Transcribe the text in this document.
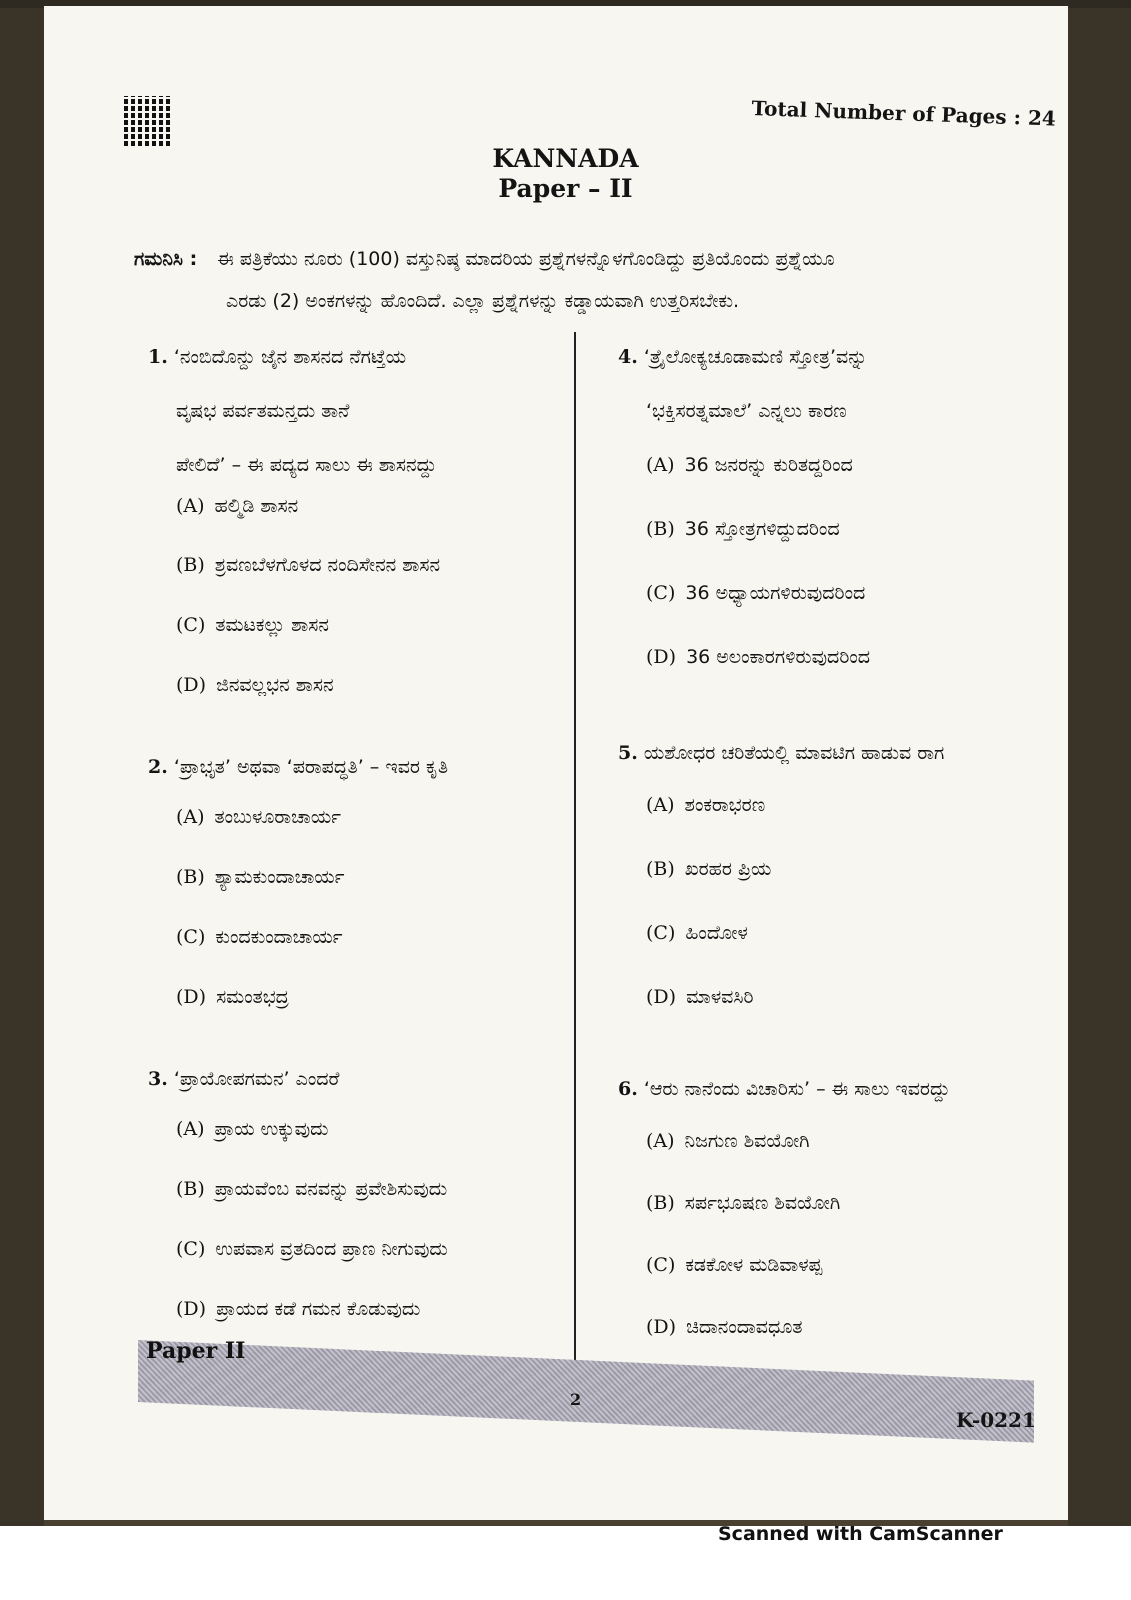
Total Number of Pages : 24
KANNADA
Paper – II
ಗಮನಿಸಿ : ಈ ಪತ್ರಿಕೆಯು ನೂರು (100) ವಸ್ತುನಿಷ್ಠ ಮಾದರಿಯ ಪ್ರಶ್ನೆಗಳನ್ನೊಳಗೊಂಡಿದ್ದು ಪ್ರತಿಯೊಂದು ಪ್ರಶ್ನೆಯೂ
ಎರಡು (2) ಅಂಕಗಳನ್ನು ಹೊಂದಿದೆ. ಎಲ್ಲಾ ಪ್ರಶ್ನೆಗಳನ್ನು ಕಡ್ಡಾಯವಾಗಿ ಉತ್ತರಿಸಬೇಕು.
1. ‘ನಂಬಿದೊನ್ದು ಜೈನ ಶಾಸನದ ನೆಗಟ್ತೆಯ
ವೃಷಭ ಪರ್ವತಮನ್ತದು ತಾನೆ
ಪೇಲಿದೆ’ – ಈ ಪದ್ಯದ ಸಾಲು ಈ ಶಾಸನದ್ದು
(A) ಹಲ್ಮಿಡಿ ಶಾಸನ
(B) ಶ್ರವಣಬೆಳಗೊಳದ ನಂದಿಸೇನನ ಶಾಸನ
(C) ತಮಟಕಲ್ಲು ಶಾಸನ
(D) ಜಿನವಲ್ಲಭನ ಶಾಸನ
2. ‘ಪ್ರಾಭೃತ’ ಅಥವಾ ‘ಪರಾಪದ್ಧತಿ’ – ಇವರ ಕೃತಿ
(A) ತಂಬುಳೂರಾಚಾರ್ಯ
(B) ಶ್ಯಾಮಕುಂದಾಚಾರ್ಯ
(C) ಕುಂದಕುಂದಾಚಾರ್ಯ
(D) ಸಮಂತಭದ್ರ
3. ‘ಪ್ರಾಯೋಪಗಮನ’ ಎಂದರೆ
(A) ಪ್ರಾಯ ಉಕ್ಕುವುದು
(B) ಪ್ರಾಯವೆಂಬ ವನವನ್ನು ಪ್ರವೇಶಿಸುವುದು
(C) ಉಪವಾಸ ವ್ರತದಿಂದ ಪ್ರಾಣ ನೀಗುವುದು
(D) ಪ್ರಾಯದ ಕಡೆ ಗಮನ ಕೊಡುವುದು
4. ‘ತ್ರೈಲೋಕ್ಯಚೂಡಾಮಣಿ ಸ್ತೋತ್ರ’ವನ್ನು
‘ಭಕ್ತಿಸರತ್ನಮಾಲೆ’ ಎನ್ನಲು ಕಾರಣ
(A) 36 ಜನರನ್ನು ಕುರಿತದ್ದರಿಂದ
(B) 36 ಸ್ತೋತ್ರಗಳಿದ್ದುದರಿಂದ
(C) 36 ಅಧ್ಯಾಯಗಳಿರುವುದರಿಂದ
(D) 36 ಅಲಂಕಾರಗಳಿರುವುದರಿಂದ
5. ಯಶೋಧರ ಚರಿತೆಯಲ್ಲಿ ಮಾವಟಿಗ ಹಾಡುವ ರಾಗ
(A) ಶಂಕರಾಭರಣ
(B) ಖರಹರ ಪ್ರಿಯ
(C) ಹಿಂದೋಳ
(D) ಮಾಳವಸಿರಿ
6. ‘ಆರು ನಾನೆಂದು ವಿಚಾರಿಸು’ – ಈ ಸಾಲು ಇವರದ್ದು
(A) ನಿಜಗುಣ ಶಿವಯೋಗಿ
(B) ಸರ್ಪಭೂಷಣ ಶಿವಯೋಗಿ
(C) ಕಡಕೋಳ ಮಡಿವಾಳಪ್ಪ
(D) ಚಿದಾನಂದಾವಧೂತ
Paper II
2
K-0221
Scanned with CamScanner
